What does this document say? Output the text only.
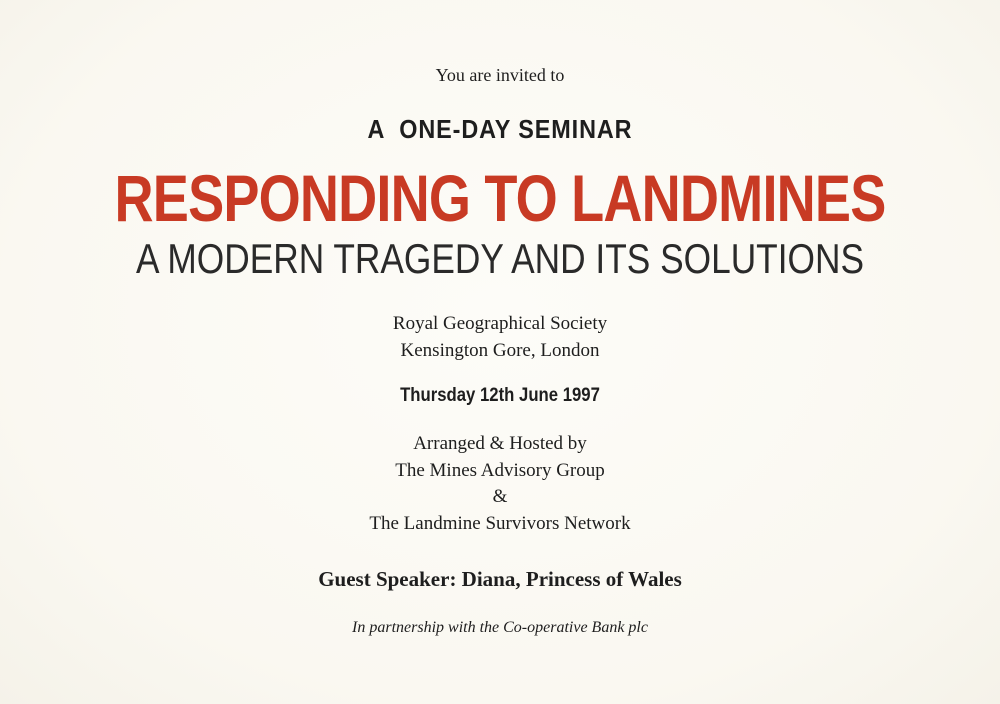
You are invited to
A  ONE-DAY SEMINAR
RESPONDING TO LANDMINES
A MODERN TRAGEDY AND ITS SOLUTIONS
Royal Geographical Society
Kensington Gore, London
Thursday 12th June 1997
Arranged & Hosted by
The Mines Advisory Group
&
The Landmine Survivors Network
Guest Speaker: Diana, Princess of Wales
In partnership with the Co-operative Bank plc
